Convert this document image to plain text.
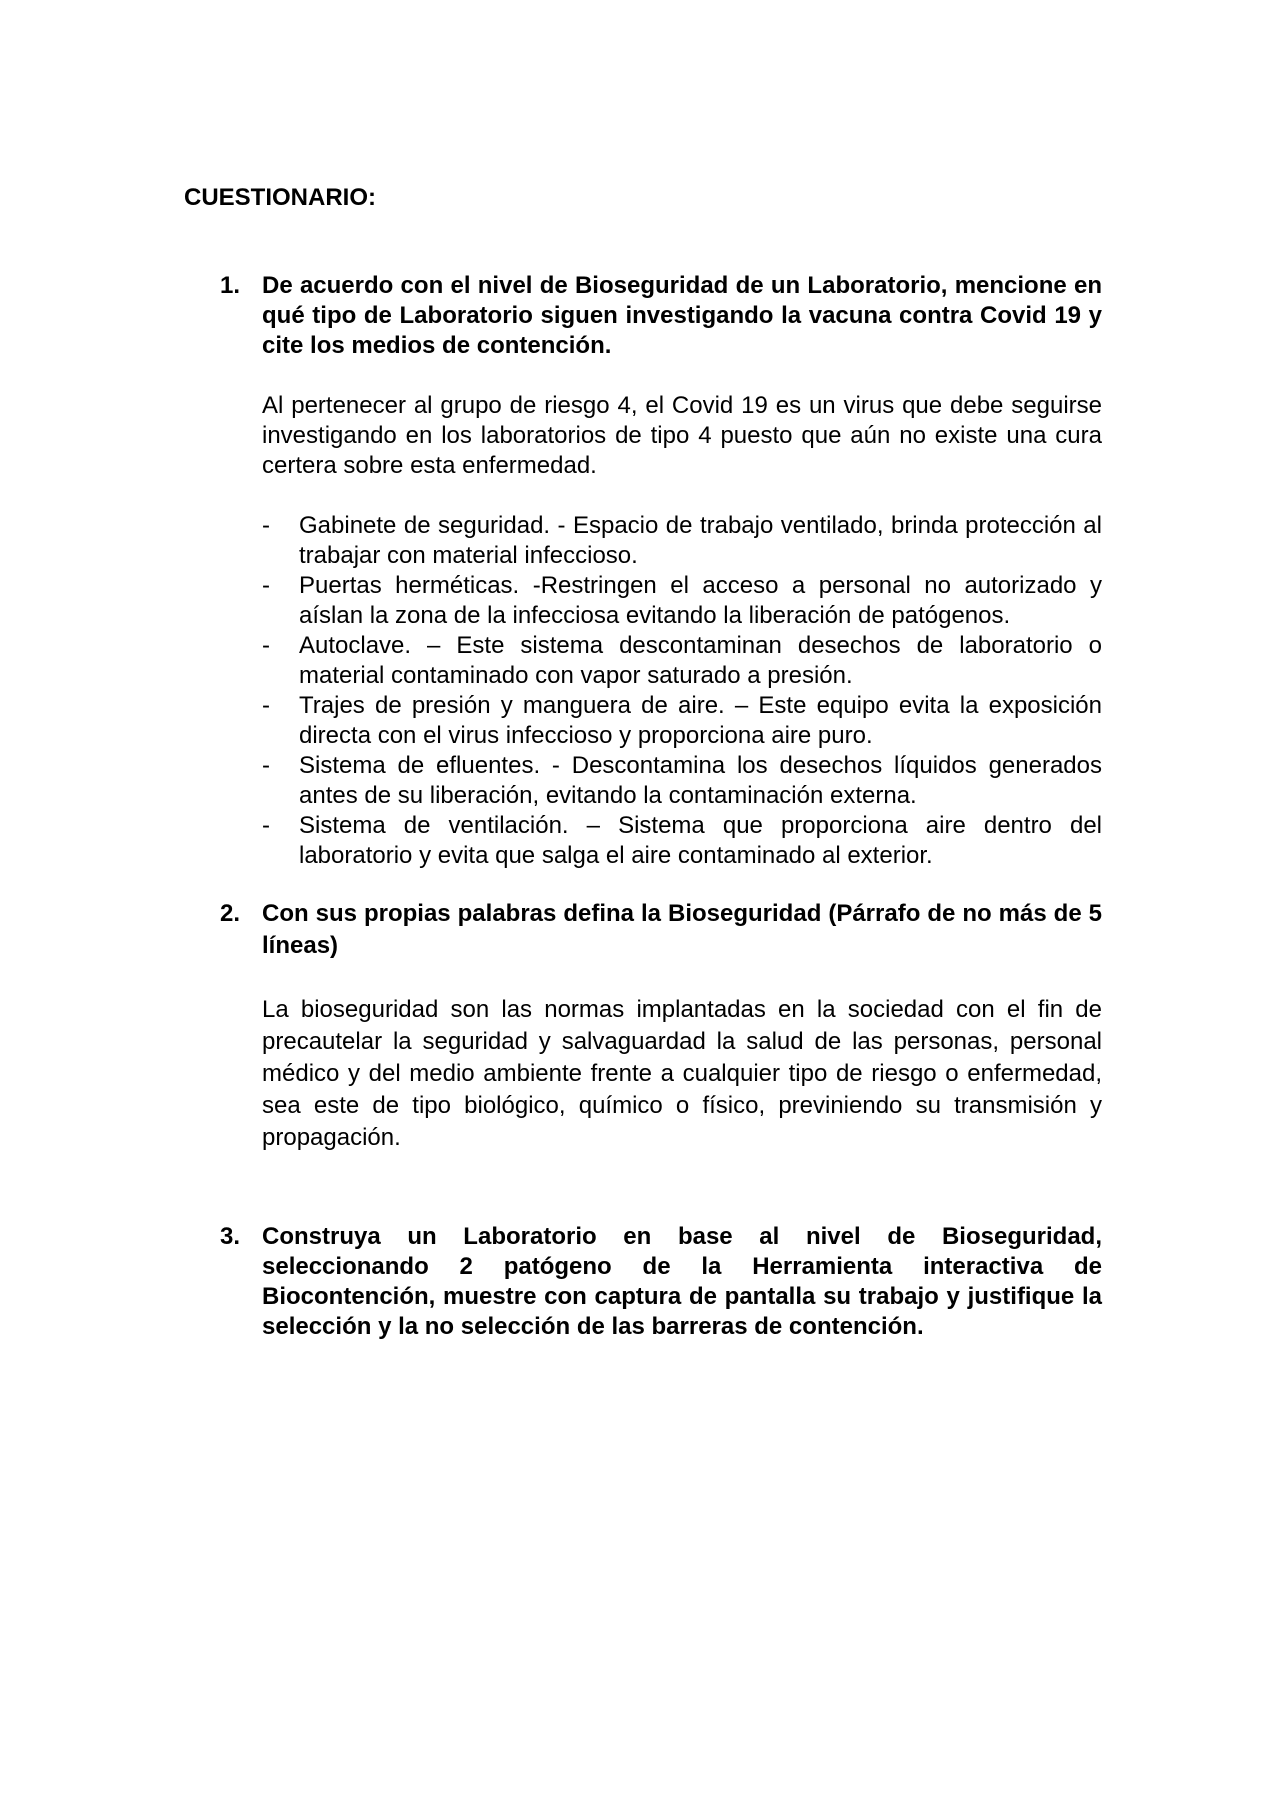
CUESTIONARIO:

1. De acuerdo con el nivel de Bioseguridad de un Laboratorio, mencione en qué tipo de Laboratorio siguen investigando la vacuna contra Covid 19 y cite los medios de contención.

Al pertenecer al grupo de riesgo 4, el Covid 19 es un virus que debe seguirse investigando en los laboratorios de tipo 4 puesto que aún no existe una cura certera sobre esta enfermedad.

- Gabinete de seguridad. - Espacio de trabajo ventilado, brinda protección al trabajar con material infeccioso.
- Puertas herméticas. -Restringen el acceso a personal no autorizado y aíslan la zona de la infecciosa evitando la liberación de patógenos.
- Autoclave. – Este sistema descontaminan desechos de laboratorio o material contaminado con vapor saturado a presión.
- Trajes de presión y manguera de aire. – Este equipo evita la exposición directa con el virus infeccioso y proporciona aire puro.
- Sistema de efluentes. - Descontamina los desechos líquidos generados antes de su liberación, evitando la contaminación externa.
- Sistema de ventilación. – Sistema que proporciona aire dentro del laboratorio y evita que salga el aire contaminado al exterior.

2. Con sus propias palabras defina la Bioseguridad (Párrafo de no más de 5 líneas)

La bioseguridad son las normas implantadas en la sociedad con el fin de precautelar la seguridad y salvaguardad la salud de las personas, personal médico y del medio ambiente frente a cualquier tipo de riesgo o enfermedad, sea este de tipo biológico, químico o físico, previniendo su transmisión y propagación.

3. Construya un Laboratorio en base al nivel de Bioseguridad, seleccionando 2 patógeno de la Herramienta interactiva de Biocontención, muestre con captura de pantalla su trabajo y justifique la selección y la no selección de las barreras de contención.
